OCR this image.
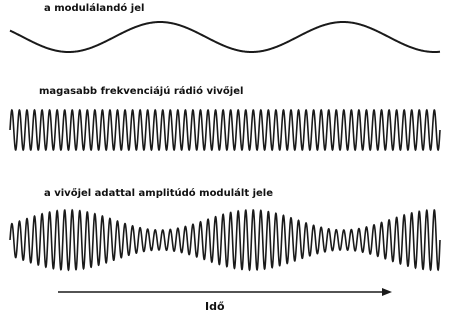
a modulálandó jel
magasabb frekvenciájú rádió vivőjel
a vivőjel adattal amplitúdó modulált jele
Idő
